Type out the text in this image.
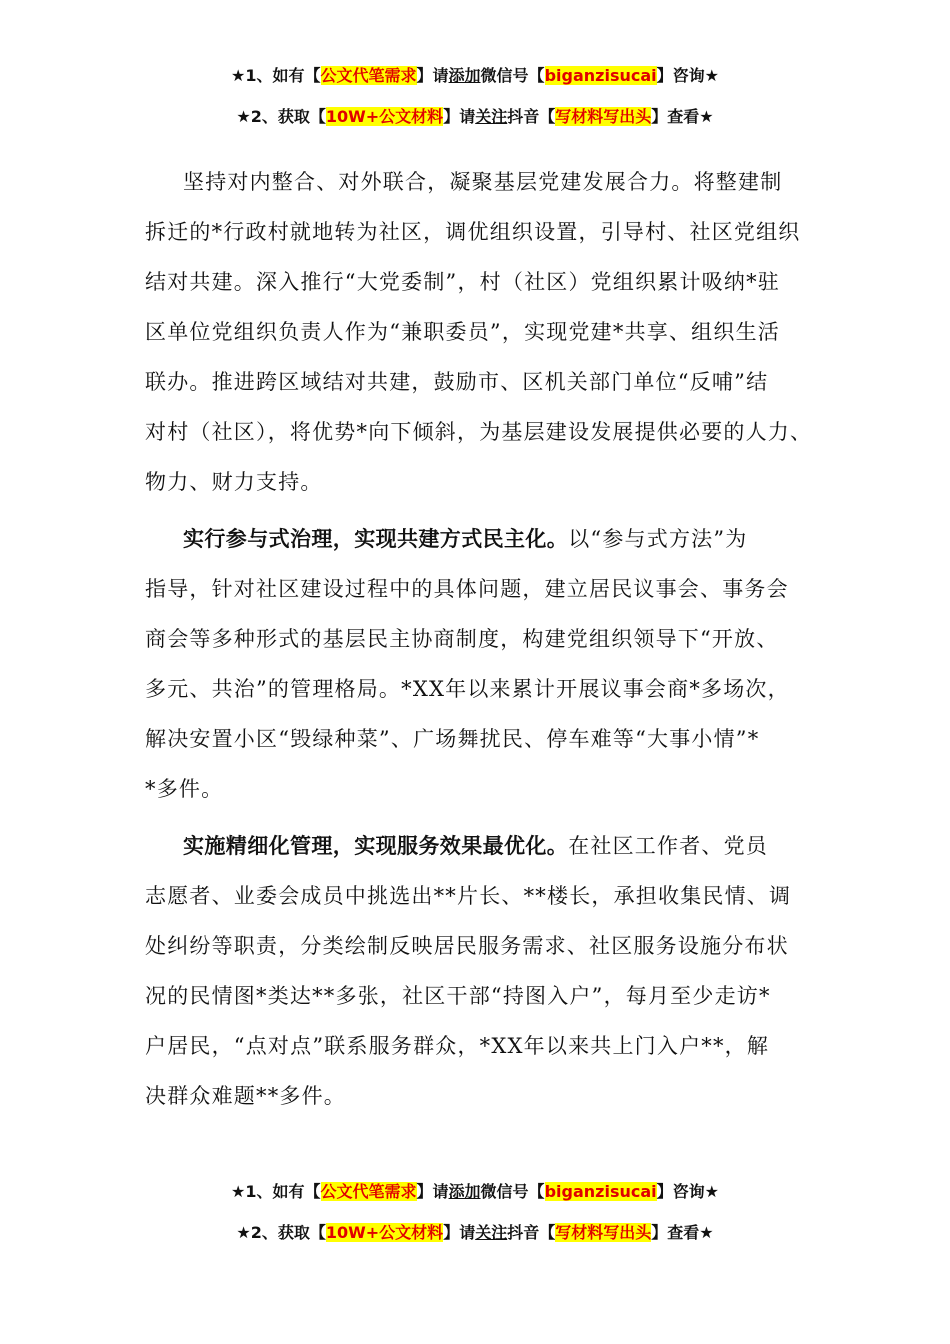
★1、如有【公文代笔需求】请添加微信号【biganzisucai】咨询★
★2、获取【10W+公文材料】请关注抖音【写材料写出头】查看★
坚持对内整合、对外联合，凝聚基层党建发展合力。将整建制
拆迁的*行政村就地转为社区，调优组织设置，引导村、社区党组织
结对共建。深入推行“大党委制”，村（社区）党组织累计吸纳*驻
区单位党组织负责人作为“兼职委员”，实现党建*共享、组织生活
联办。推进跨区域结对共建，鼓励市、区机关部门单位“反哺”结
对村（社区），将优势*向下倾斜，为基层建设发展提供必要的人力、
物力、财力支持。
实行参与式治理，实现共建方式民主化。以“参与式方法”为
指导，针对社区建设过程中的具体问题，建立居民议事会、事务会
商会等多种形式的基层民主协商制度，构建党组织领导下“开放、
多元、共治”的管理格局。*XX年以来累计开展议事会商*多场次，
解决安置小区“毁绿种菜”、广场舞扰民、停车难等“大事小情”*
*多件。
实施精细化管理，实现服务效果最优化。在社区工作者、党员
志愿者、业委会成员中挑选出**片长、**楼长，承担收集民情、调
处纠纷等职责，分类绘制反映居民服务需求、社区服务设施分布状
况的民情图*类达**多张，社区干部“持图入户”，每月至少走访*
户居民，“点对点”联系服务群众，*XX年以来共上门入户**，解
决群众难题**多件。
★1、如有【公文代笔需求】请添加微信号【biganzisucai】咨询★
★2、获取【10W+公文材料】请关注抖音【写材料写出头】查看★
